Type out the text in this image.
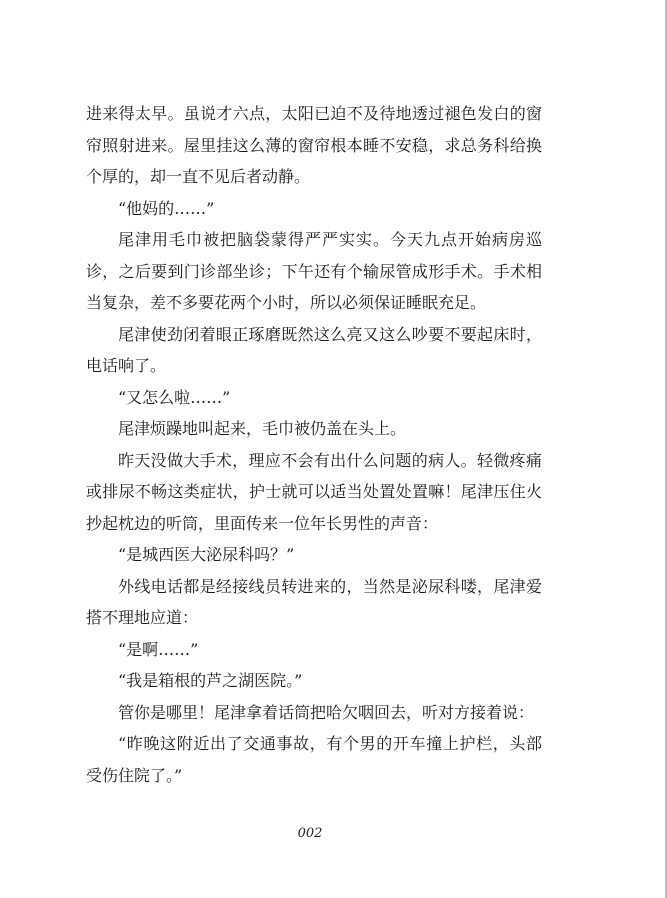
进来得太早。虽说才六点，太阳已迫不及待地透过褪色发白的窗帘照射进来。屋里挂这么薄的窗帘根本睡不安稳，求总务科给换个厚的，却一直不见后者动静。

“他妈的……”

尾津用毛巾被把脑袋蒙得严严实实。今天九点开始病房巡诊，之后要到门诊部坐诊；下午还有个输尿管成形手术。手术相当复杂，差不多要花两个小时，所以必须保证睡眠充足。

尾津使劲闭着眼正琢磨既然这么亮又这么吵要不要起床时，电话响了。

“又怎么啦……”

尾津烦躁地叫起来，毛巾被仍盖在头上。

昨天没做大手术，理应不会有出什么问题的病人。轻微疼痛或排尿不畅这类症状，护士就可以适当处置处置嘛！尾津压住火抄起枕边的听筒，里面传来一位年长男性的声音：

“是城西医大泌尿科吗？”

外线电话都是经接线员转进来的，当然是泌尿科喽，尾津爱搭不理地应道：

“是啊……”

“我是箱根的芦之湖医院。”

管你是哪里！尾津拿着话筒把哈欠咽回去，听对方接着说：

“昨晚这附近出了交通事故，有个男的开车撞上护栏，头部受伤住院了。”

002
